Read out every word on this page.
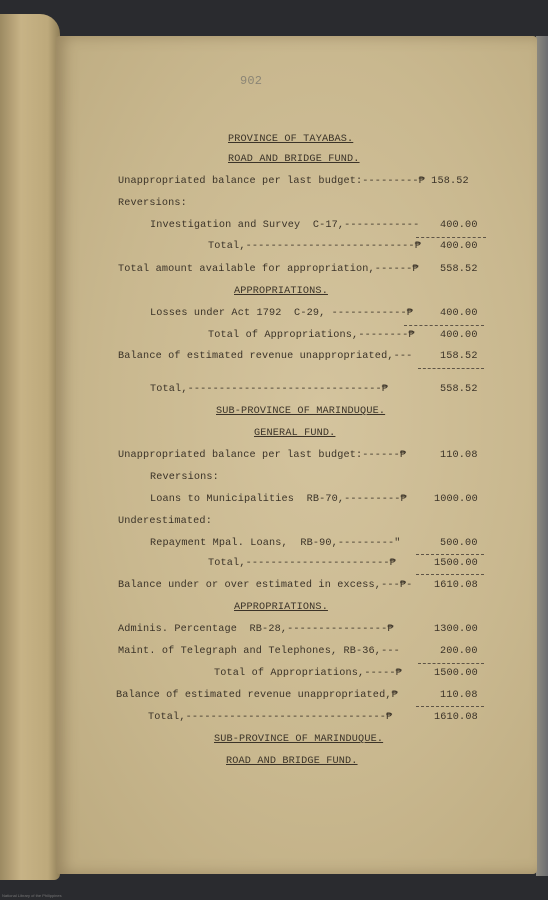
902
PROVINCE OF TAYABAS.
ROAD AND BRIDGE FUND.
Unappropriated balance per last budget:---------₱ 158.52
Reversions:
Investigation and Survey  C-17,------------ 400.00
Total,---------------------------₱ 400.00
Total amount available for appropriation,------₱ 558.52
APPROPRIATIONS.
Losses under Act 1792  C-29, ------------₱	400.00
Total of Appropriations,--------₱ 400.00
Balance of estimated revenue unappropriated,---	158.52
Total,-------------------------------₱	558.52
SUB-PROVINCE OF MARINDUQUE.
GENERAL FUND.
Unappropriated balance per last budget:------₱	110.08
Reversions:
Loans to Municipalities  RB-70,---------₱	1000.00
Underestimated:
Repayment Mpal. Loans,  RB-90,---------"	500.00
Total,-----------------------₱	1500.00
Balance under or over estimated in excess,---₱- 1610.08
APPROPRIATIONS.
Adminis. Percentage  RB-28,----------------₱	1300.00
Maint. of Telegraph and Telephones, RB-36,---	200.00
Total of Appropriations,-----₱	1500.00
Balance of estimated revenue unappropriated,₱	110.08
Total,--------------------------------₱	1610.08
SUB-PROVINCE OF MARINDUQUE.
ROAD AND BRIDGE FUND.
National Library of the Philippines
